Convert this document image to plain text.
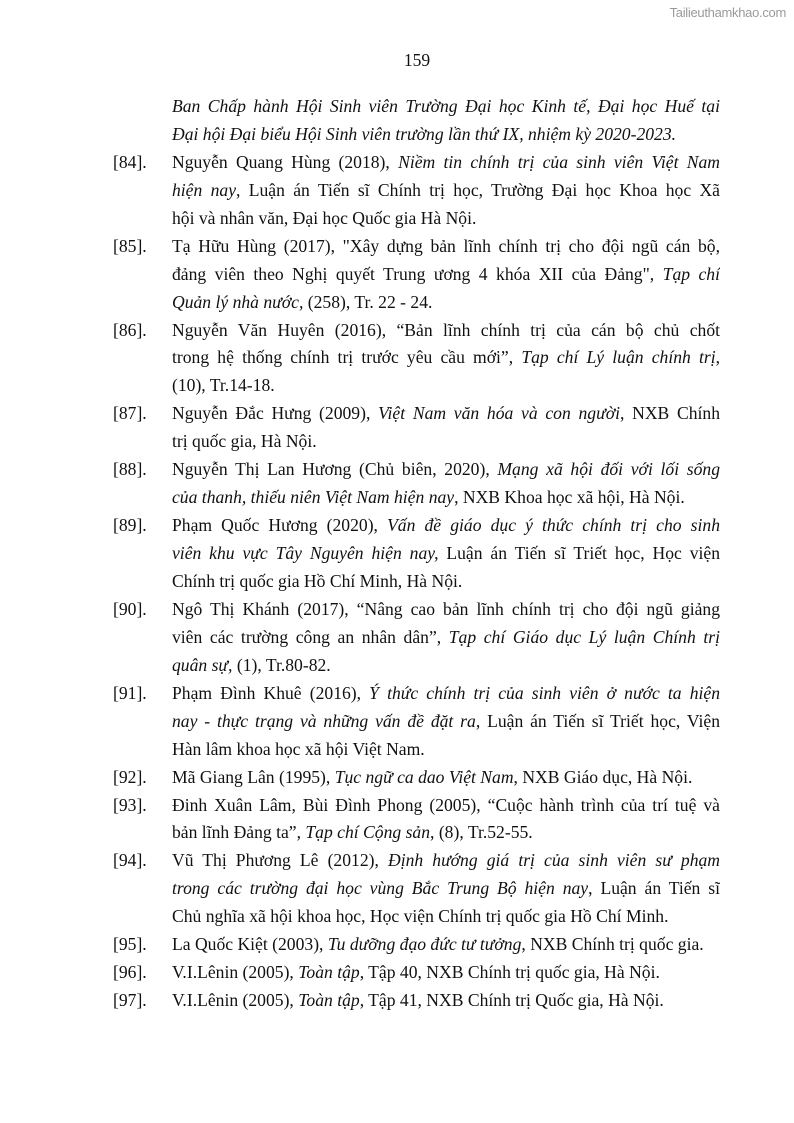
Tailieuthamkhao.com
159
Ban Chấp hành Hội Sinh viên Trường Đại học Kinh tế, Đại học Huế tại
Đại hội Đại biểu Hội Sinh viên trường lần thứ IX, nhiệm kỳ 2020-2023.
[84]. Nguyễn Quang Hùng (2018), Niềm tin chính trị của sinh viên Việt Nam
hiện nay, Luận án Tiến sĩ Chính trị học, Trường Đại học Khoa học Xã
hội và nhân văn, Đại học Quốc gia Hà Nội.
[85]. Tạ Hữu Hùng (2017), "Xây dựng bản lĩnh chính trị cho đội ngũ cán bộ,
đảng viên theo Nghị quyết Trung ương 4 khóa XII của Đảng", Tạp chí
Quản lý nhà nước, (258), Tr. 22 - 24.
[86]. Nguyễn Văn Huyên (2016), “Bản lĩnh chính trị của cán bộ chủ chốt
trong hệ thống chính trị trước yêu cầu mới”, Tạp chí Lý luận chính trị,
(10), Tr.14-18.
[87]. Nguyễn Đắc Hưng (2009), Việt Nam văn hóa và con người, NXB Chính
trị quốc gia, Hà Nội.
[88]. Nguyễn Thị Lan Hương (Chủ biên, 2020), Mạng xã hội đối với lối sống
của thanh, thiếu niên Việt Nam hiện nay, NXB Khoa học xã hội, Hà Nội.
[89]. Phạm Quốc Hương (2020), Vấn đề giáo dục ý thức chính trị cho sinh
viên khu vực Tây Nguyên hiện nay, Luận án Tiến sĩ Triết học, Học viện
Chính trị quốc gia Hồ Chí Minh, Hà Nội.
[90]. Ngô Thị Khánh (2017), “Nâng cao bản lĩnh chính trị cho đội ngũ giảng
viên các trường công an nhân dân”, Tạp chí Giáo dục Lý luận Chính trị
quân sự, (1), Tr.80-82.
[91]. Phạm Đình Khuê (2016), Ý thức chính trị của sinh viên ở nước ta hiện
nay - thực trạng và những vấn đề đặt ra, Luận án Tiến sĩ Triết học, Viện
Hàn lâm khoa học xã hội Việt Nam.
[92]. Mã Giang Lân (1995), Tục ngữ ca dao Việt Nam, NXB Giáo dục, Hà Nội.
[93]. Đinh Xuân Lâm, Bùi Đình Phong (2005), “Cuộc hành trình của trí tuệ và
bản lĩnh Đảng ta”, Tạp chí Cộng sản, (8), Tr.52-55.
[94]. Vũ Thị Phương Lê (2012), Định hướng giá trị của sinh viên sư phạm
trong các trường đại học vùng Bắc Trung Bộ hiện nay, Luận án Tiến sĩ
Chủ nghĩa xã hội khoa học, Học viện Chính trị quốc gia Hồ Chí Minh.
[95]. La Quốc Kiệt (2003), Tu dưỡng đạo đức tư tưởng, NXB Chính trị quốc gia.
[96]. V.I.Lênin (2005), Toàn tập, Tập 40, NXB Chính trị quốc gia, Hà Nội.
[97]. V.I.Lênin (2005), Toàn tập, Tập 41, NXB Chính trị Quốc gia, Hà Nội.
